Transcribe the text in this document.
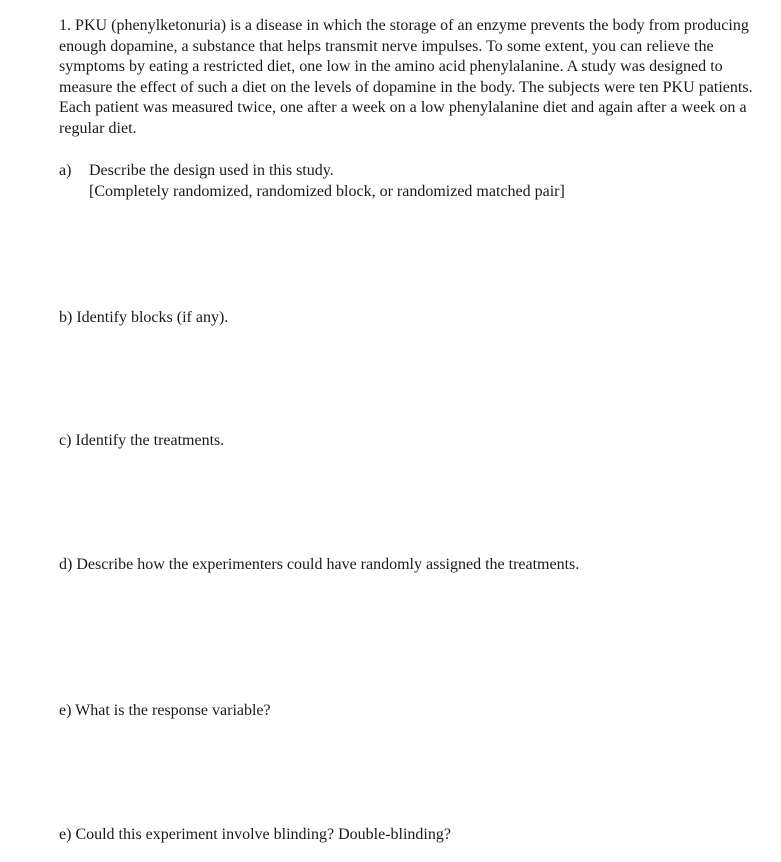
1. PKU (phenylketonuria) is a disease in which the storage of an enzyme prevents the body from producing enough dopamine, a substance that helps transmit nerve impulses. To some extent, you can relieve the symptoms by eating a restricted diet, one low in the amino acid phenylalanine. A study was designed to measure the effect of such a diet on the levels of dopamine in the body. The subjects were ten PKU patients. Each patient was measured twice, one after a week on a low phenylalanine diet and again after a week on a regular diet.
a) Describe the design used in this study.
[Completely randomized, randomized block, or randomized matched pair]
b) Identify blocks (if any).
c) Identify the treatments.
d) Describe how the experimenters could have randomly assigned the treatments.
e) What is the response variable?
e) Could this experiment involve blinding? Double-blinding?
